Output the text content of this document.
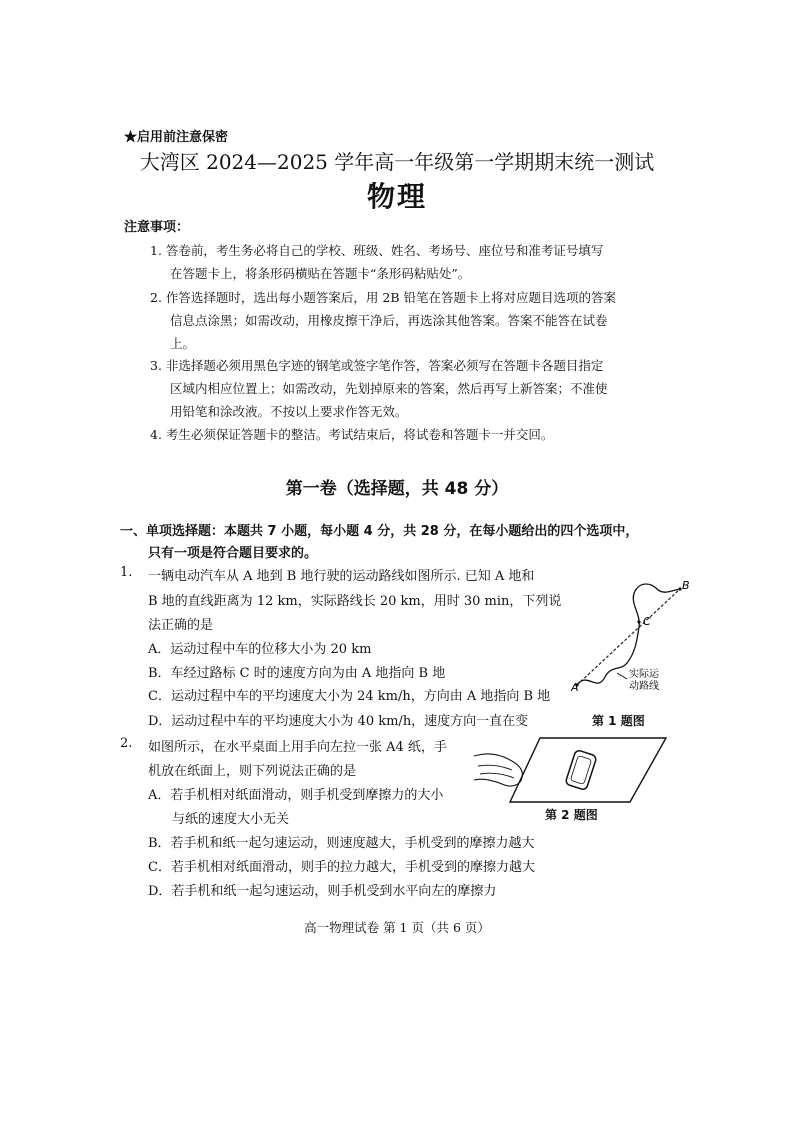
★启用前注意保密
大湾区 2024—2025 学年高一年级第一学期期末统一测试
物理
注意事项：
1. 答卷前，考生务必将自己的学校、班级、姓名、考场号、座位号和准考证号填写
在答题卡上，将条形码横贴在答题卡“条形码粘贴处”。
2. 作答选择题时，选出每小题答案后，用 2B 铅笔在答题卡上将对应题目选项的答案
信息点涂黑；如需改动，用橡皮擦干净后，再选涂其他答案。答案不能答在试卷
上。
3. 非选择题必须用黑色字迹的钢笔或签字笔作答，答案必须写在答题卡各题目指定
区域内相应位置上；如需改动，先划掉原来的答案，然后再写上新答案；不准使
用铅笔和涂改液。不按以上要求作答无效。
4. 考生必须保证答题卡的整洁。考试结束后，将试卷和答题卡一并交回。
第一卷（选择题，共 48 分）
一、单项选择题：本题共 7 小题，每小题 4 分，共 28 分，在每小题给出的四个选项中，
只有一项是符合题目要求的。
1. 一辆电动汽车从 A 地到 B 地行驶的运动路线如图所示. 已知 A 地和
B 地的直线距离为 12 km，实际路线长 20 km，用时 30 min，下列说
法正确的是
A．运动过程中车的位移大小为 20 km
B．车经过路标 C 时的速度方向为由 A 地指向 B 地
C．运动过程中车的平均速度大小为 24 km/h，方向由 A 地指向 B 地
D．运动过程中车的平均速度大小为 40 km/h，速度方向一直在变
A
B
C
实际运
动路线
第 1 题图
2. 如图所示，在水平桌面上用手向左拉一张 A4 纸，手
机放在纸面上，则下列说法正确的是
A．若手机相对纸面滑动，则手机受到摩擦力的大小
与纸的速度大小无关
B．若手机和纸一起匀速运动，则速度越大，手机受到的摩擦力越大
C．若手机相对纸面滑动，则手的拉力越大，手机受到的摩擦力越大
D．若手机和纸一起匀速运动，则手机受到水平向左的摩擦力
第 2 题图
高一物理试卷 第 1 页（共 6 页）
